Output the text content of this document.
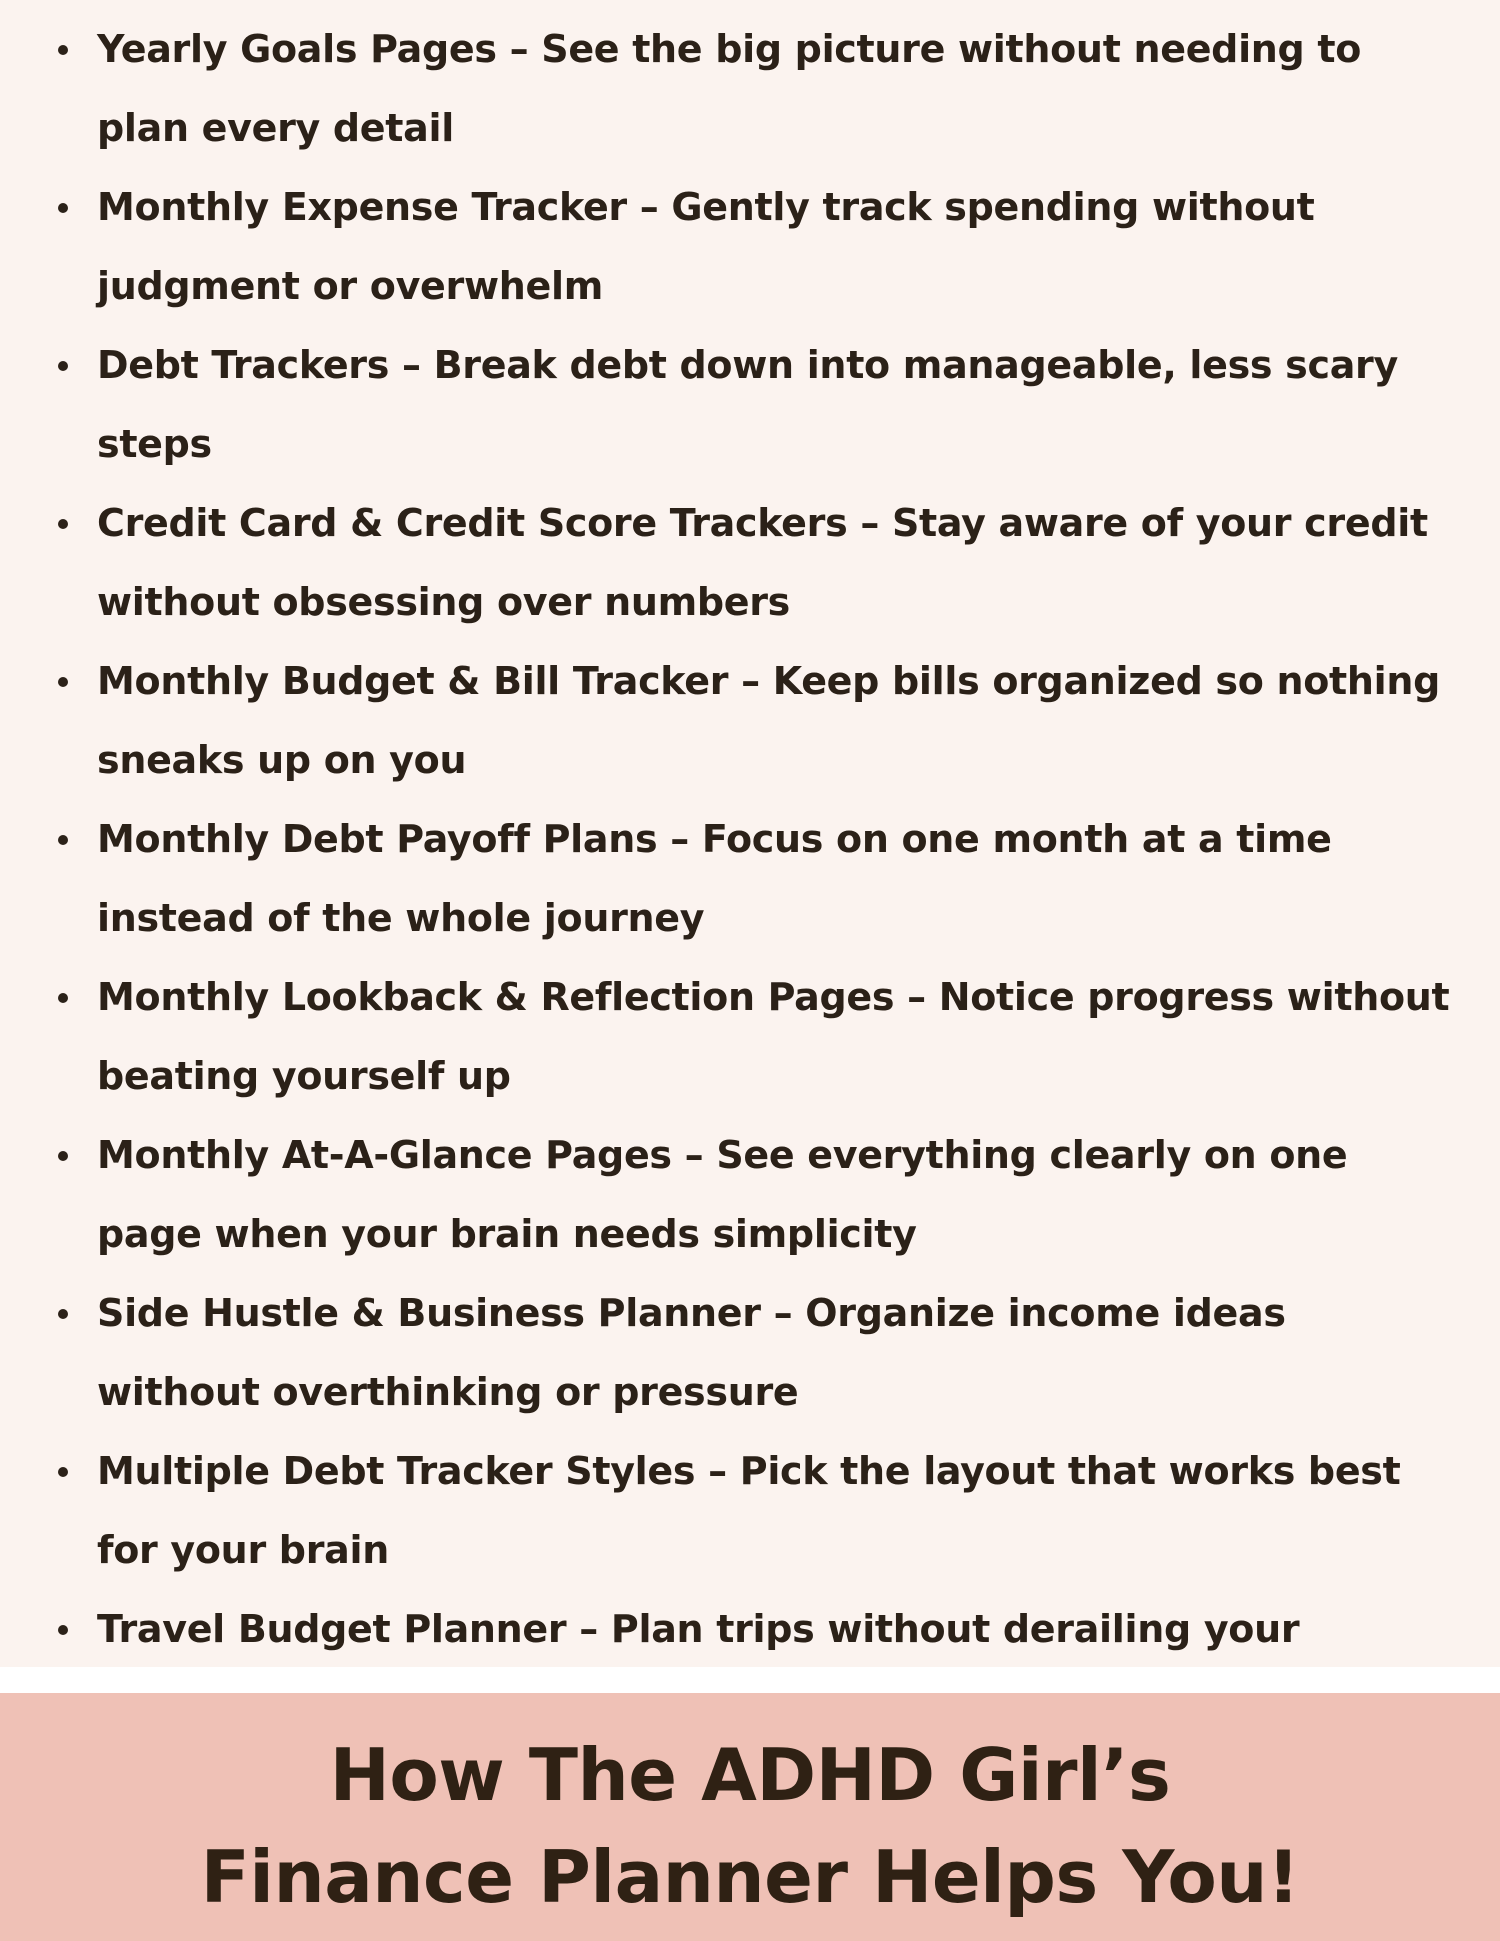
Yearly Goals Pages – See the big picture without needing to plan every detail
Monthly Expense Tracker – Gently track spending without judgment or overwhelm
Debt Trackers – Break debt down into manageable, less scary steps
Credit Card & Credit Score Trackers – Stay aware of your credit without obsessing over numbers
Monthly Budget & Bill Tracker – Keep bills organized so nothing sneaks up on you
Monthly Debt Payoff Plans – Focus on one month at a time instead of the whole journey
Monthly Lookback & Reflection Pages – Notice progress without beating yourself up
Monthly At-A-Glance Pages – See everything clearly on one page when your brain needs simplicity
Side Hustle & Business Planner – Organize income ideas without overthinking or pressure
Multiple Debt Tracker Styles – Pick the layout that works best for your brain
Travel Budget Planner – Plan trips without derailing your
How The ADHD Girl’s
Finance Planner Helps You!
